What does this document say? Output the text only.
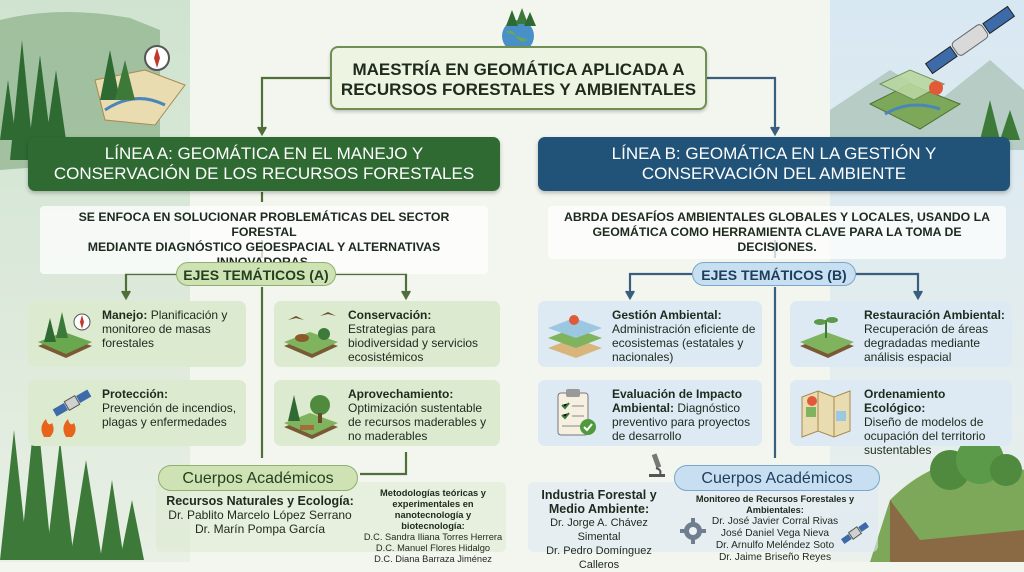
MAESTRÍA EN GEOMÁTICA APLICADA A
RECURSOS FORESTALES Y AMBIENTALES
LÍNEA A: GEOMÁTICA EN EL MANEJO Y
CONSERVACIÓN DE LOS RECURSOS FORESTALES
SE ENFOCA EN SOLUCIONAR PROBLEMÁTICAS DEL SECTOR FORESTAL
MEDIANTE DIAGNÓSTICO GEOESPACIAL Y ALTERNATIVAS
EJES TEMÁTICOS (A)
Manejo: Planificación y monitoreo de masas forestales
Conservación:
Estrategias para biodiversidad y servicios ecosistémicos
Protección:
Prevención de incendios, plagas y enfermedades
Aprovechamiento:
Optimización sustentable de recursos maderables y no maderables
Cuerpos Académicos
Recursos Naturales y Ecología:
Dr. Pablito Marcelo López Serrano
Dr. Marín Pompa García
Metodologías teóricas y
experimentales en
nanotecnología y biotecnología:
D.C. Sandra Iliana Torres Herrera
D.C. Manuel Flores Hidalgo
D.C. Diana Barraza Jiménez
LÍNEA B: GEOMÁTICA EN LA GESTIÓN Y
CONSERVACIÓN DEL AMBIENTE
ABRDA DESAFÍOS AMBIENTALES GLOBALES Y LOCALES, USANDO LA
GEOMÁTICA COMO HERRAMIENTA CLAVE PARA LA TOMA DE DECISIONES.
EJES TEMÁTICOS (B)
Gestión Ambiental:
Administración eficiente de ecosistemas (estatales y nacionales)
Restauración Ambiental:
Recuperación de áreas degradadas mediante análisis espacial
Evaluación de Impacto Ambiental: Diagnóstico preventivo para proyectos de desarrollo
Ordenamiento Ecológico:
Diseño de modelos de ocupación del territorio sustentables
Cuerpos Académicos
Industria Forestal y
Medio Ambiente:
Dr. Jorge A. Chávez Simental
Dr. Pedro Domínguez Calleros
Monitoreo de Recursos Forestales y Ambientales:
Dr. José Javier Corral Rivas
José Daniel Vega Nieva
Dr. Arnulfo Meléndez Soto
Dr. Jaime Briseño Reyes
